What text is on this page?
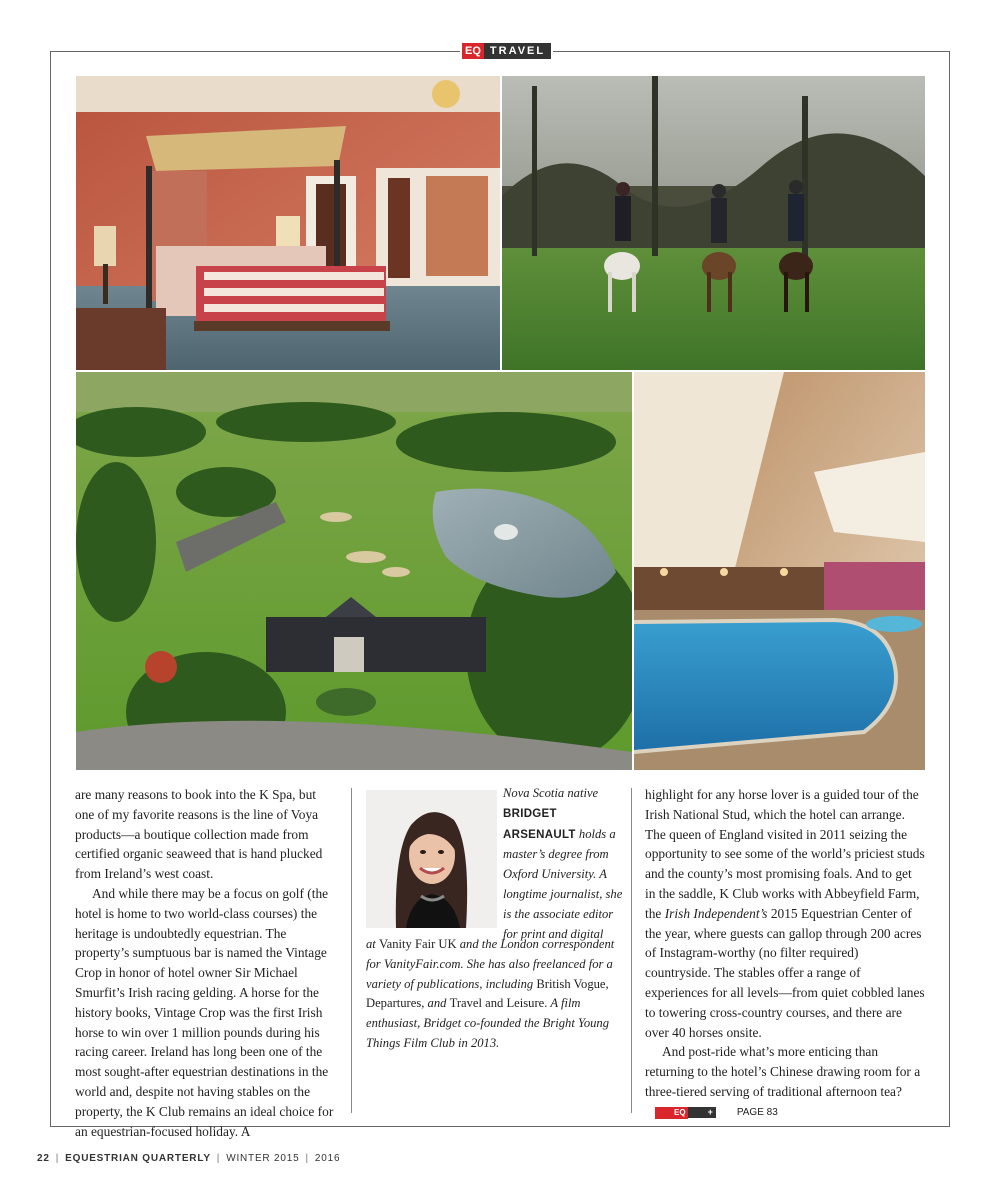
EQ TRAVEL

are many reasons to book into the K Spa, but one of my favorite reasons is the line of Voya products—a boutique collection made from certified organic seaweed that is hand plucked from Ireland’s west coast.

And while there may be a focus on golf (the hotel is home to two world-class courses) the heritage is undoubtedly equestrian. The property’s sumptuous bar is named the Vintage Crop in honor of hotel owner Sir Michael Smurfit’s Irish racing gelding. A horse for the history books, Vintage Crop was the first Irish horse to win over 1 million pounds during his racing career. Ireland has long been one of the most sought-after equestrian destinations in the world and, despite not having stables on the property, the K Club remains an ideal choice for an equestrian-focused holiday. A

Nova Scotia native BRIDGET ARSENAULT holds a master’s degree from Oxford University. A longtime journalist, she is the associate editor for print and digital
at Vanity Fair UK and the London correspondent for VanityFair.com. She has also freelanced for a variety of publications, including British Vogue, Departures, and Travel and Leisure. A film enthusiast, Bridget co-founded the Bright Young Things Film Club in 2013.

highlight for any horse lover is a guided tour of the Irish National Stud, which the hotel can arrange. The queen of England visited in 2011 seizing the opportunity to see some of the world’s priciest studs and the county’s most promising foals. And to get in the saddle, K Club works with Abbeyfield Farm, the Irish Independent’s 2015 Equestrian Center of the year, where guests can gallop through 200 acres of Instagram-worthy (no filter required) countryside. The stables offer a range of experiences for all levels—from quiet cobbled lanes to towering cross-country courses, and there are over 40 horses onsite.

And post-ride what’s more enticing than returning to the hotel’s Chinese drawing room for a three-tiered serving of traditional afternoon tea?
EQ	+	PAGE 83

22 | EQUESTRIAN QUARTERLY | WINTER 2015 | 2016
